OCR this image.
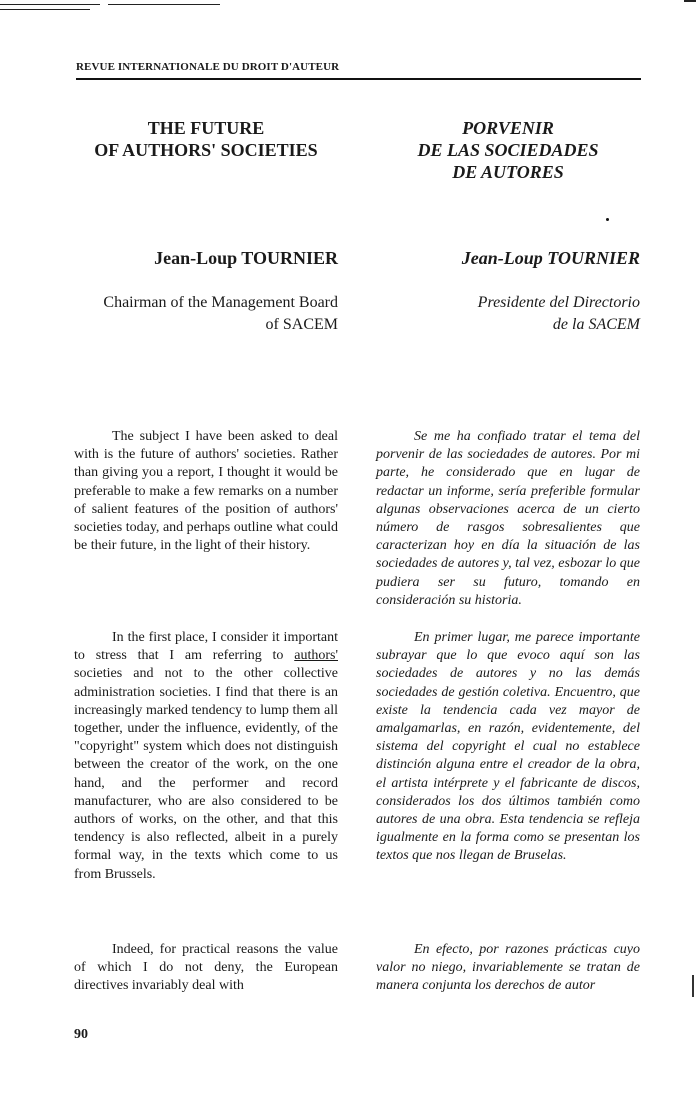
REVUE INTERNATIONALE DU DROIT D'AUTEUR
THE FUTURE
OF AUTHORS' SOCIETIES
PORVENIR
DE LAS SOCIEDADES
DE AUTORES
Jean-Loup TOURNIER	Jean-Loup TOURNIER
Chairman of the Management Board
of SACEM
Presidente del Directorio
de la SACEM

The subject I have been asked to deal with is the future of authors' societies. Rather than giving you a report, I thought it would be preferable to make a few remarks on a number of salient features of the position of authors' societies today, and perhaps outline what could be their future, in the light of their history.

Se me ha confiado tratar el tema del porvenir de las sociedades de autores. Por mi parte, he considerado que en lugar de redactar un informe, sería preferible formular algunas observaciones acerca de un cierto número de rasgos sobresalientes que caracterizan hoy en día la situación de las sociedades de autores y, tal vez, esbozar lo que pudiera ser su futuro, tomando en consideración su historia.

In the first place, I consider it important to stress that I am referring to authors' societies and not to the other collective administration societies. I find that there is an increasingly marked tendency to lump them all together, under the influence, evidently, of the "copyright" system which does not distinguish between the creator of the work, on the one hand, and the performer and record manufacturer, who are also considered to be authors of works, on the other, and that this tendency is also reflected, albeit in a purely formal way, in the texts which come to us from Brussels.

En primer lugar, me parece importante subrayar que lo que evoco aquí son las sociedades de autores y no las demás sociedades de gestión coletiva. Encuentro, que existe la tendencia cada vez mayor de amalgamarlas, en razón, evidentemente, del sistema del copyright el cual no establece distinción alguna entre el creador de la obra, el artista intérprete y el fabricante de discos, considerados los dos últimos también como autores de una obra. Esta tendencia se refleja igualmente en la forma como se presentan los textos que nos llegan de Bruselas.

Indeed, for practical reasons the value of which I do not deny, the European directives invariably deal with

En efecto, por razones prácticas cuyo valor no niego, invariablemente se tratan de manera conjunta los derechos de autor

90
